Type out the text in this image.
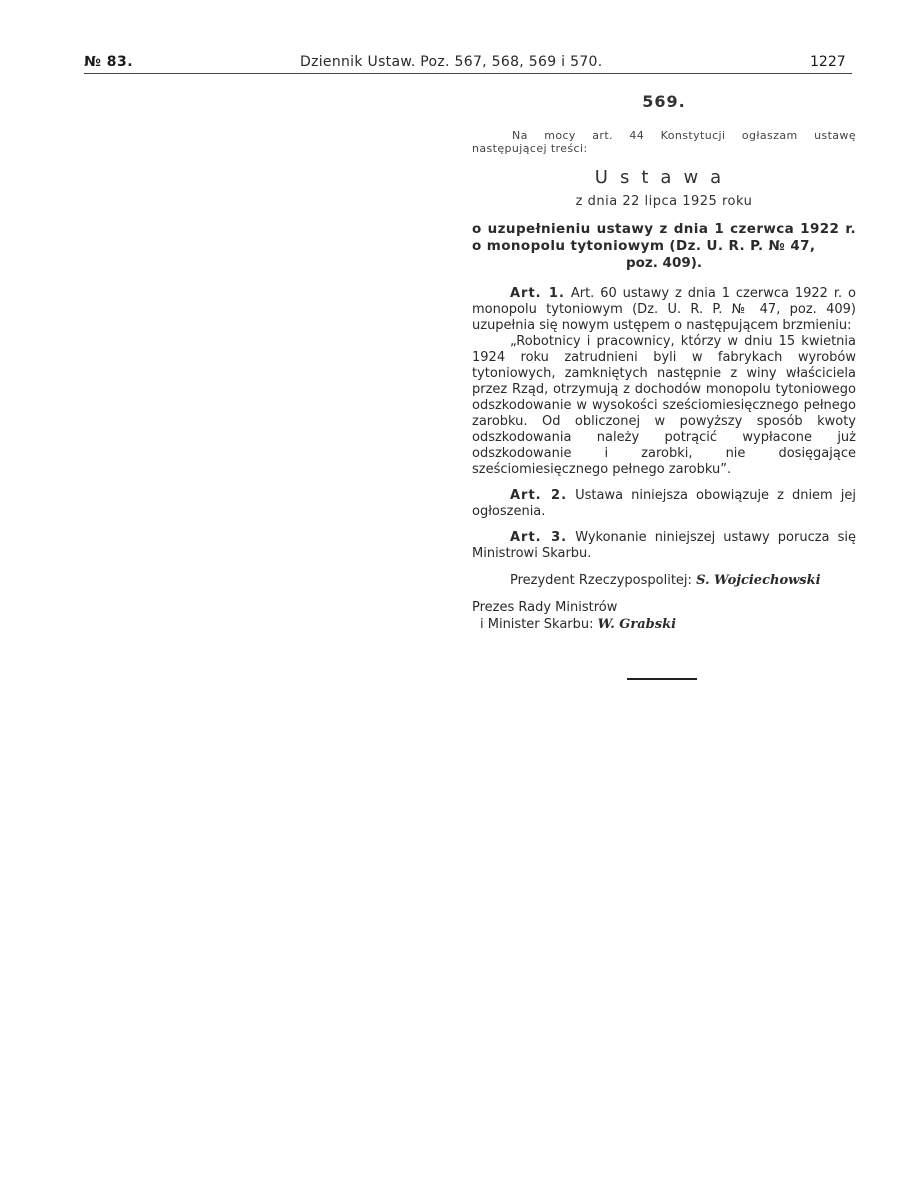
№ 83.	Dziennik Ustaw. Poz. 567, 568, 569 i 570.	1227
569.

Na mocy art. 44 Konstytucji ogłaszam ustawę następującej treści:

Ustawa
z dnia 22 lipca 1925 roku

o uzupełnieniu ustawy z dnia 1 czerwca 1922 r. o monopolu tytoniowym (Dz. U. R. P. № 47,

poz. 409).

Art. 1. Art. 60 ustawy z dnia 1 czerwca 1922 r. o monopolu tytoniowym (Dz. U. R. P. № 47, poz. 409) uzupełnia się nowym ustępem o następującem brzmieniu:

„Robotnicy i pracownicy, którzy w dniu 15 kwietnia 1924 roku zatrudnieni byli w fabrykach wyrobów tytoniowych, zamkniętych następnie z winy właściciela przez Rząd, otrzymują z dochodów monopolu tytoniowego odszkodowanie w wysokości sześciomiesięcznego pełnego zarobku. Od obliczonej w powyższy sposób kwoty odszkodowania należy potrącić wypłacone już odszkodowanie i zarobki, nie dosięgające sześciomiesięcznego pełnego zarobku”.

Art. 2. Ustawa niniejsza obowiązuje z dniem jej ogłoszenia.

Art. 3. Wykonanie niniejszej ustawy porucza się Ministrowi Skarbu.

Prezydent Rzeczypospolitej: S. Wojciechowski
Prezes Rady Ministrów
i Minister Skarbu: W. Grabski
